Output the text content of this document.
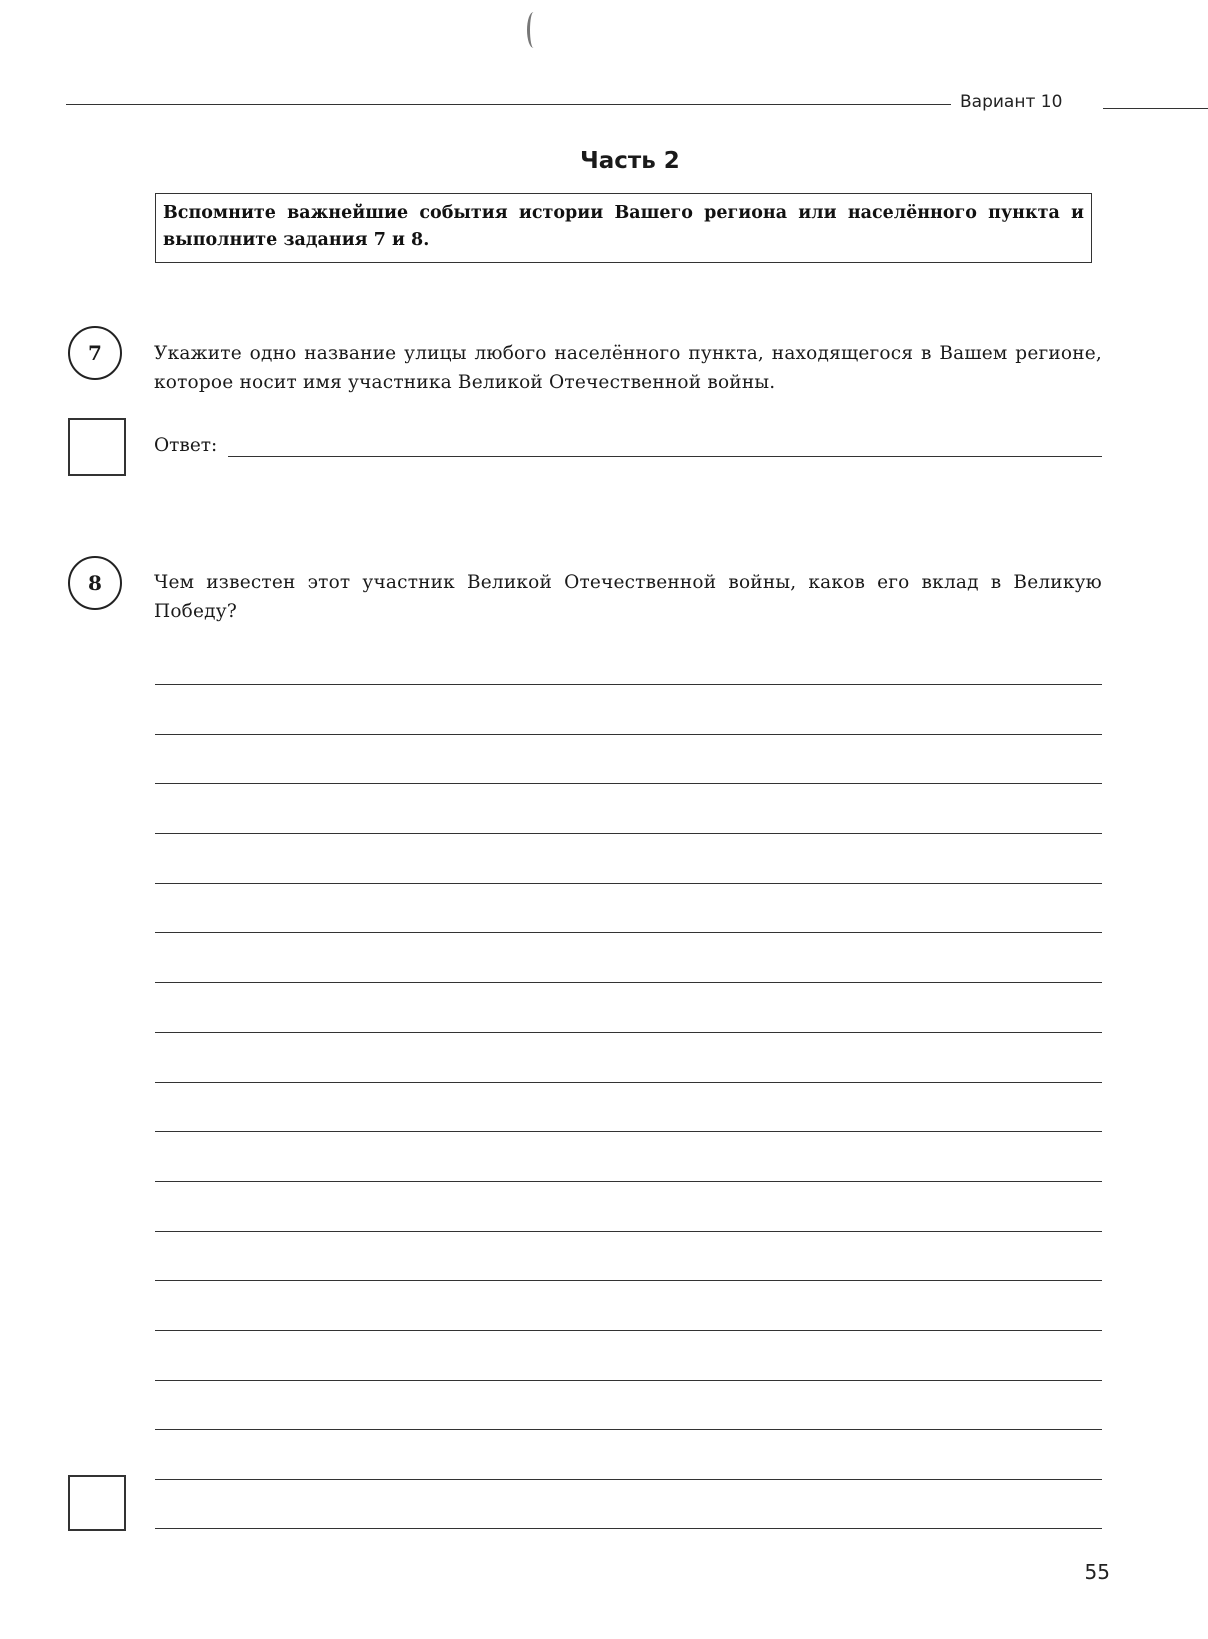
Вариант 10
Часть 2
Вспомните важнейшие события истории Вашего региона или населённого пункта и выполните задания 7 и 8.
7	Укажите одно название улицы любого населённого пункта, находящегося в Вашем регионе, которое носит имя участника Великой Отечественной войны.
Ответ:
8	Чем известен этот участник Великой Отечественной войны, каков его вклад в Великую Победу?
55
